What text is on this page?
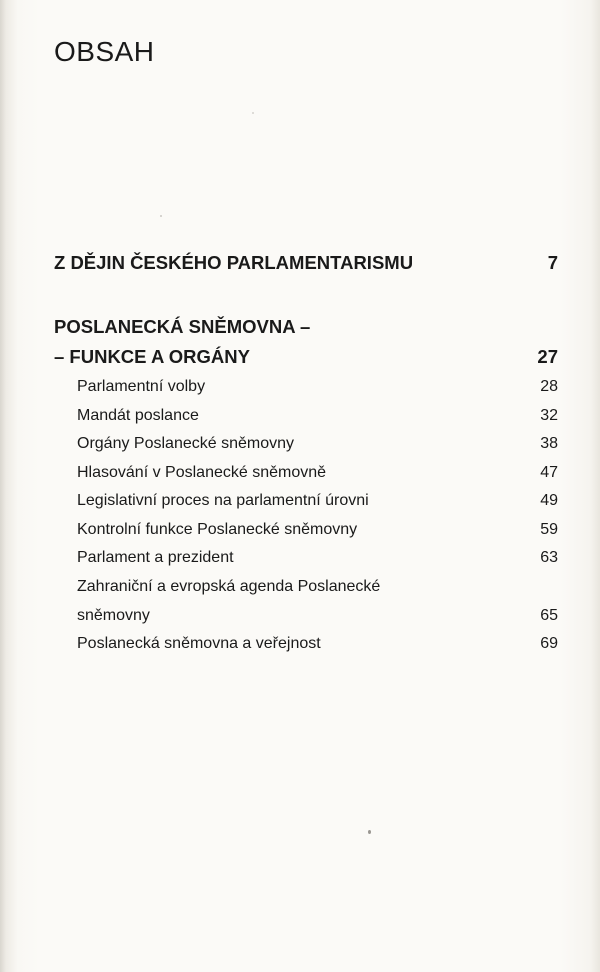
OBSAH
Z DĚJIN ČESKÉHO PARLAMENTARISMU	7
POSLANECKÁ SNĚMOVNA –
– FUNKCE A ORGÁNY	27
Parlamentní volby	28
Mandát poslance	32
Orgány Poslanecké sněmovny	38
Hlasování v Poslanecké sněmovně	47
Legislativní proces na parlamentní úrovni	49
Kontrolní funkce Poslanecké sněmovny	59
Parlament a prezident	63
Zahraniční a evropská agenda Poslanecké
sněmovny	65
Poslanecká sněmovna a veřejnost	69
